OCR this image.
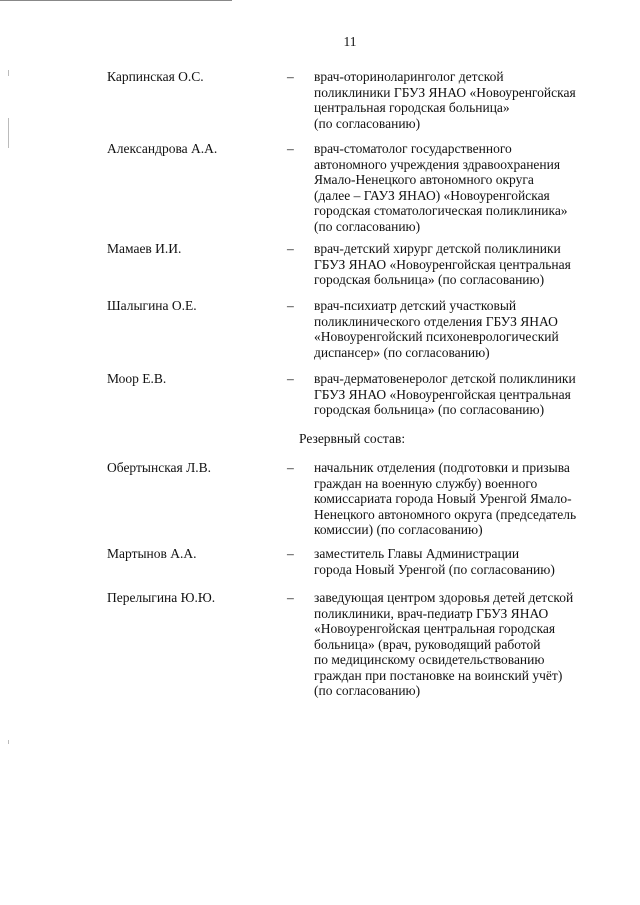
11
Карпинская О.С.	– врач-оториноларинголог детской
поликлиники ГБУЗ ЯНАО «Новоуренгойская
центральная городская больница»
(по согласованию)
Александрова А.А.	– врач-стоматолог государственного
автономного учреждения здравоохранения
Ямало-Ненецкого автономного округа
(далее – ГАУЗ ЯНАО) «Новоуренгойская
городская стоматологическая поликлиника»
(по согласованию)
Мамаев И.И.	– врач-детский хирург детской поликлиники
ГБУЗ ЯНАО «Новоуренгойская центральная
городская больница» (по согласованию)
Шалыгина О.Е.	– врач-психиатр детский участковый
поликлинического отделения ГБУЗ ЯНАО
«Новоуренгойский психоневрологический
диспансер» (по согласованию)
Моор Е.В.	– врач-дерматовенеролог детской поликлиники
ГБУЗ ЯНАО «Новоуренгойская центральная
городская больница» (по согласованию)
Резервный состав:
Обертынская Л.В.	– начальник отделения (подготовки и призыва
граждан на военную службу) военного
комиссариата города Новый Уренгой Ямало-
Ненецкого автономного округа (председатель
комиссии) (по согласованию)
Мартынов А.А.	– заместитель Главы Администрации
города Новый Уренгой (по согласованию)
Перелыгина Ю.Ю.	– заведующая центром здоровья детей детской
поликлиники, врач-педиатр ГБУЗ ЯНАО
«Новоуренгойская центральная городская
больница» (врач, руководящий работой
по медицинскому освидетельствованию
граждан при постановке на воинский учёт)
(по согласованию)
